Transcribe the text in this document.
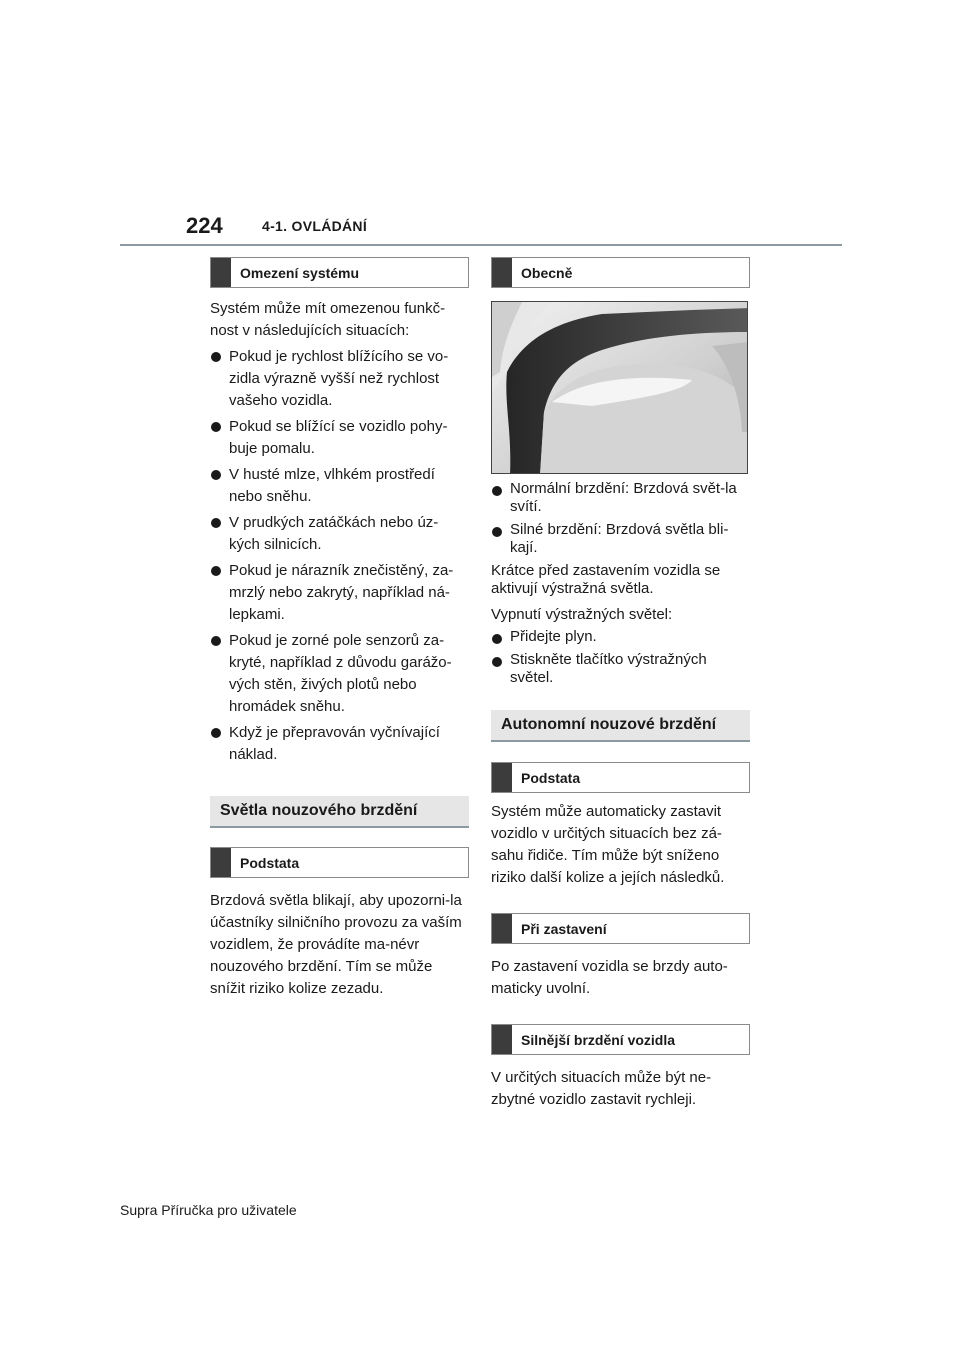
224	4-1. OVLÁDÁNÍ
Omezení systému

Systém může mít omezenou funkč-nost v následujících situacích:

Pokud je rychlost blížícího se vo-zidla výrazně vyšší než rychlost vašeho vozidla.
Pokud se blížící se vozidlo pohy-buje pomalu.
V husté mlze, vlhkém prostředí nebo sněhu.
V prudkých zatáčkách nebo úz-kých silnicích.
Pokud je nárazník znečistěný, za-mrzlý nebo zakrytý, například ná-lepkami.
Pokud je zorné pole senzorů za-kryté, například z důvodu garážo-vých stěn, živých plotů nebo hromádek sněhu.
Když je přepravován vyčnívající náklad.
Světla nouzového brzdění
Podstata

Brzdová světla blikají, aby upozorni-la účastníky silničního provozu za vaším vozidlem, že provádíte ma-névr nouzového brzdění. Tím se může snížit riziko kolize zezadu.

Obecně
Normální brzdění: Brzdová svět-la svítí.
Silné brzdění: Brzdová světla bli-kají.

Krátce před zastavením vozidla se aktivují výstražná světla.

Vypnutí výstražných světel:

Přidejte plyn.
Stiskněte tlačítko výstražných světel.
Autonomní nouzové brzdění
Podstata

Systém může automaticky zastavit vozidlo v určitých situacích bez zá-sahu řidiče. Tím může být sníženo riziko další kolize a jejích následků.

Při zastavení

Po zastavení vozidla se brzdy auto-maticky uvolní.

Silnější brzdění vozidla

V určitých situacích může být ne-zbytné vozidlo zastavit rychleji.

Supra Příručka pro uživatele
